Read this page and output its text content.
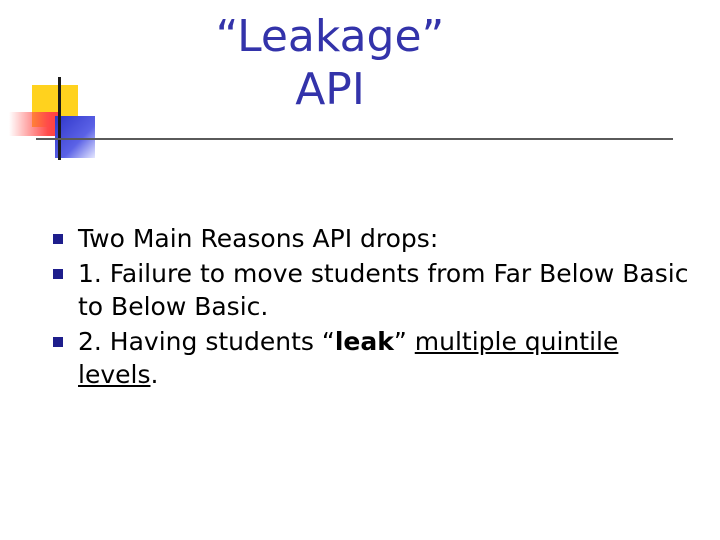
“Leakage”
API
Two Main Reasons API drops:
1. Failure to move students from Far Below Basic to Below Basic.
2. Having students “leak” multiple quintile levels.
